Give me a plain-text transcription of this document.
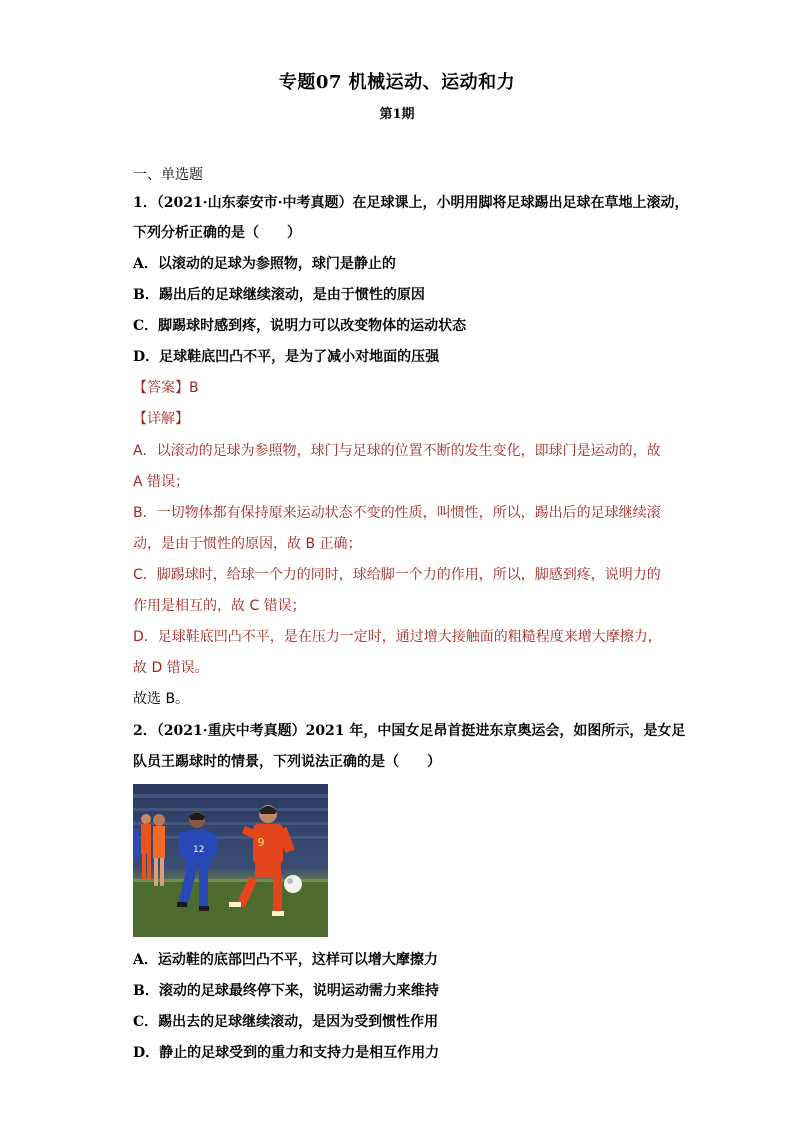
专题07 机械运动、运动和力
第1期
一、单选题
1．（2021·山东泰安市·中考真题）在足球课上，小明用脚将足球踢出足球在草地上滚动，
下列分析正确的是（　　）
A．以滚动的足球为参照物，球门是静止的
B．踢出后的足球继续滚动，是由于惯性的原因
C．脚踢球时感到疼，说明力可以改变物体的运动状态
D．足球鞋底凹凸不平，是为了减小对地面的压强
【答案】B
【详解】
A．以滚动的足球为参照物，球门与足球的位置不断的发生变化，即球门是运动的，故
A 错误；
B．一切物体都有保持原来运动状态不变的性质，叫惯性，所以，踢出后的足球继续滚
动，是由于惯性的原因，故 B 正确；
C．脚踢球时，给球一个力的同时，球给脚一个力的作用，所以，脚感到疼，说明力的
作用是相互的，故 C 错误；
D．足球鞋底凹凸不平，是在压力一定时，通过增大接触面的粗糙程度来增大摩擦力，
故 D 错误。
故选 B。
2．（2021·重庆中考真题）2021 年，中国女足昂首挺进东京奥运会，如图所示，是女足
队员王踢球时的情景，下列说法正确的是（　　）
12
9
A．运动鞋的底部凹凸不平，这样可以增大摩擦力
B．滚动的足球最终停下来，说明运动需力来维持
C．踢出去的足球继续滚动，是因为受到惯性作用
D．静止的足球受到的重力和支持力是相互作用力
